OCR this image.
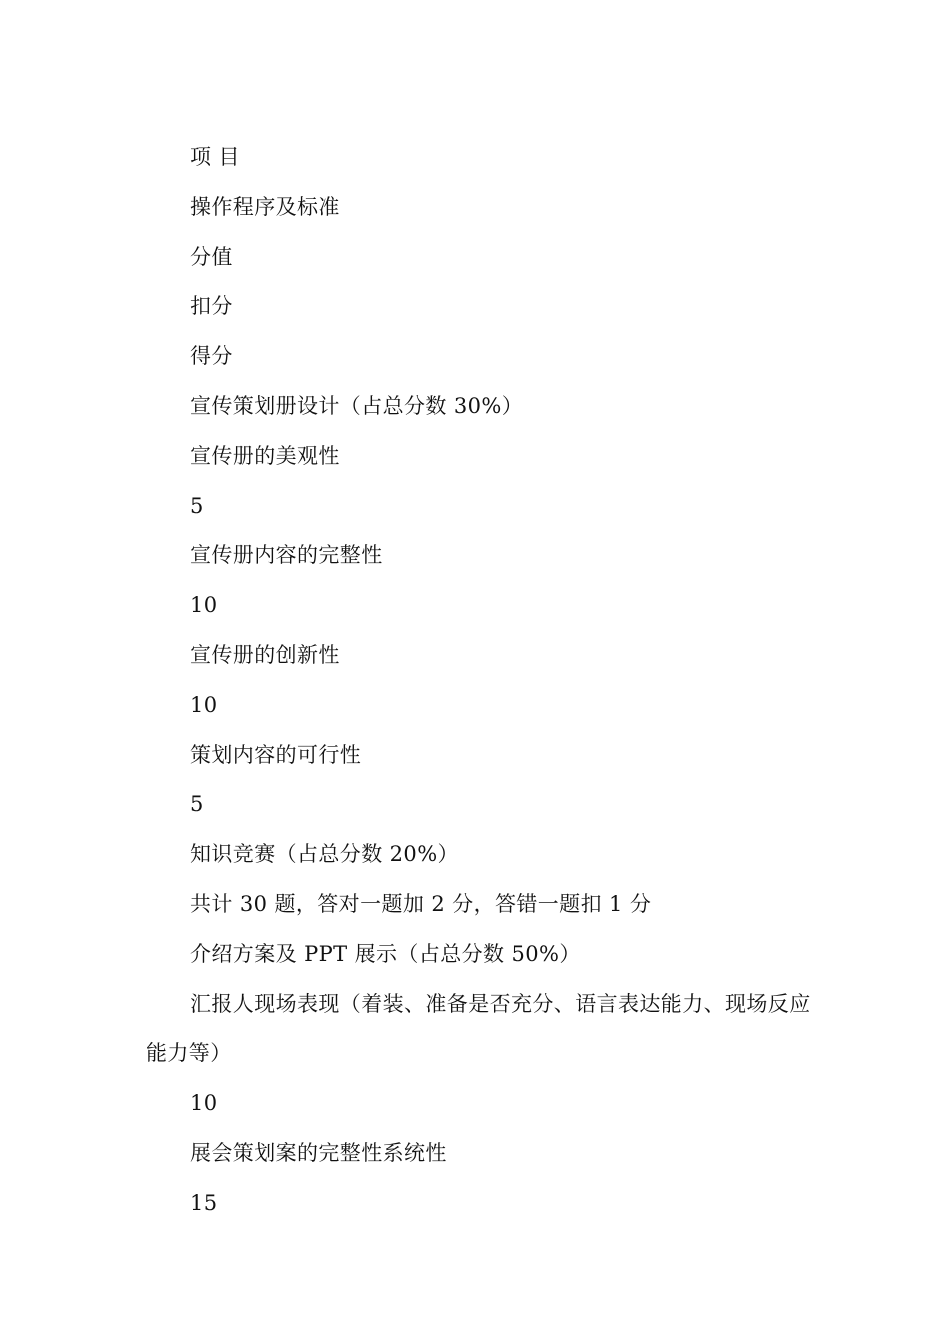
项 目

操作程序及标准

分值

扣分

得分

宣传策划册设计（占总分数 30%）

宣传册的美观性

5

宣传册内容的完整性

10

宣传册的创新性

10

策划内容的可行性

5

知识竞赛（占总分数 20%）

共计 30 题，答对一题加 2 分，答错一题扣 1 分

介绍方案及 PPT 展示（占总分数 50%）

汇报人现场表现（着装、准备是否充分、语言表达能力、现场反应能力等）

10

展会策划案的完整性系统性

15
